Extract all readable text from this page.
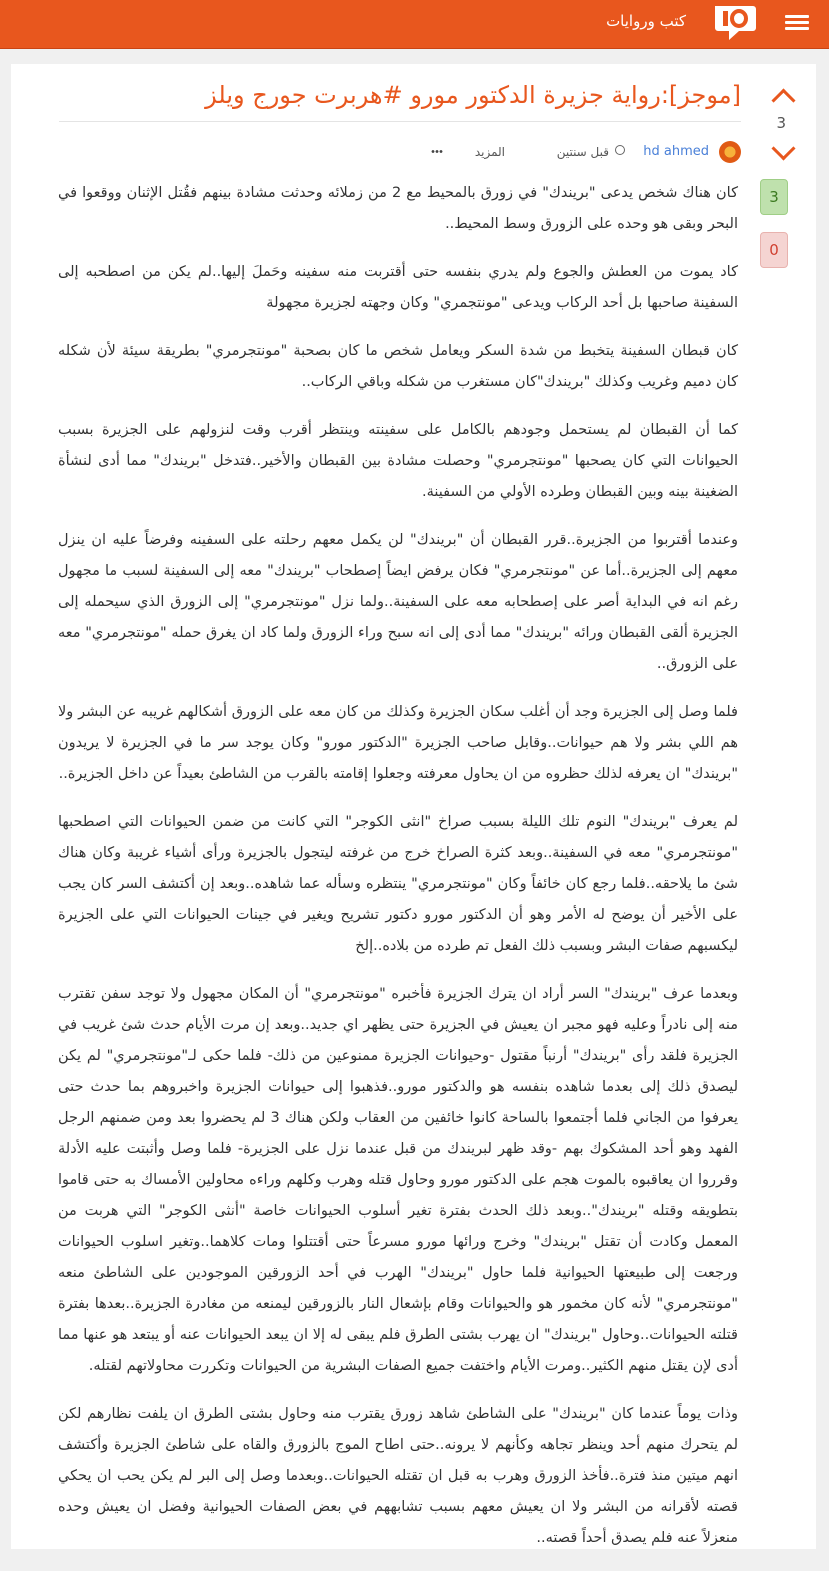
كتب وروايات
3
3
0
[موجز]:رواية جزيرة الدكتور مورو #هربرت جورج ويلز
hd ahmed
قبل سنتين
المزيد

كان هناك شخص يدعى "بريندك" في زورق بالمحيط مع 2 من زملائه وحدثت مشادة بينهم فقُتل الإثنان ووقعوا في البحر وبقى هو وحده على الزورق وسط المحيط..

كاد يموت من العطش والجوع ولم يدري بنفسه حتى أقتربت منه سفينه وحَملَ إليها..لم يكن من اصطحبه إلى السفينة صاحبها بل أحد الركاب ويدعى "مونتجمري" وكان وجهته لجزيرة مجهولة

كان قبطان السفينة يتخبط من شدة السكر ويعامل شخص ما كان بصحبة "مونتجرمري" بطريقة سيئة لأن شكله كان دميم وغريب وكذلك "بريندك"كان مستغرب من شكله وباقي الركاب..

كما أن القبطان لم يستحمل وجودهم بالكامل على سفينته وينتظر أقرب وقت لنزولهم على الجزيرة بسبب الحيوانات التي كان يصحبها "مونتجرمري" وحصلت مشادة بين القبطان والأخير..فتدخل "بريندك" مما أدى لنشأة الضغينة بينه وبين القبطان وطرده الأولي من السفينة.

وعندما أقتربوا من الجزيرة..قرر القبطان أن "بريندك" لن يكمل معهم رحلته على السفينه وفرضاً عليه ان ينزل معهم إلى الجزيرة..أما عن "مونتجرمري" فكان يرفض ايضاً إصطحاب "بريندك" معه إلى السفينة لسبب ما مجهول رغم انه في البداية أصر على إصطحابه معه على السفينة..ولما نزل "مونتجرمري" إلى الزورق الذي سيحمله إلى الجزيرة ألقى القبطان ورائه "بريندك" مما أدى إلى انه سبح وراء الزورق ولما كاد ان يغرق حمله "مونتجرمري" معه على الزورق..

فلما وصل إلى الجزيرة وجد أن أغلب سكان الجزيرة وكذلك من كان معه على الزورق أشكالهم غريبه عن البشر ولا هم اللي بشر ولا هم حيوانات..وقابل صاحب الجزيرة "الدكتور مورو" وكان يوجد سر ما في الجزيرة لا يريدون "بريندك" ان يعرفه لذلك حظروه من ان يحاول معرفته وجعلوا إقامته بالقرب من الشاطئ بعيداً عن داخل الجزيرة..

لم يعرف "بريندك" النوم تلك الليلة بسبب صراخ "انثى الكوجر" التي كانت من ضمن الحيوانات التي اصطحبها "مونتجرمري" معه في السفينة..وبعد كثرة الصراخ خرج من غرفته ليتجول بالجزيرة ورأى أشياء غريبة وكان هناك شئ ما يلاحقه..فلما رجع كان خائفاً وكان "مونتجرمري" ينتظره وسأله عما شاهده..وبعد إن أكتشف السر كان يجب على الأخير أن يوضح له الأمر وهو أن الدكتور مورو دكتور تشريح ويغير في جينات الحيوانات التي على الجزيرة ليكسبهم صفات البشر وبسبب ذلك الفعل تم طرده من بلاده..إلخ

وبعدما عرف "بريندك" السر أراد ان يترك الجزيرة فأخبره "مونتجرمري" أن المكان مجهول ولا توجد سفن تقترب منه إلى نادراً وعليه فهو مجبر ان يعيش في الجزيرة حتى يظهر اي جديد..وبعد إن مرت الأيام حدث شئ غريب في الجزيرة فلقد رأى "بريندك" أرنباً مقتول -وحيوانات الجزيرة ممنوعين من ذلك- فلما حكى لـ"مونتجرمري" لم يكن ليصدق ذلك إلى بعدما شاهده بنفسه هو والدكتور مورو..فذهبوا إلى حيوانات الجزيرة واخبروهم بما حدث حتى يعرفوا من الجاني فلما أجتمعوا بالساحة كانوا خائفين من العقاب ولكن هناك 3 لم يحضروا بعد ومن ضمنهم الرجل الفهد وهو أحد المشكوك بهم -وقد ظهر لبريندك من قبل عندما نزل على الجزيرة- فلما وصل وأثبتت عليه الأدلة وقرروا ان يعاقبوه بالموت هجم على الدكتور مورو وحاول قتله وهرب وكلهم وراءه محاولين الأمساك به حتى قاموا بتطويقه وقتله "بريندك"..وبعد ذلك الحدث بفترة تغير أسلوب الحيوانات خاصة "أنثى الكوجر" التي هربت من المعمل وكادت أن تقتل "بريندك" وخرج ورائها مورو مسرعاً حتى أقتتلوا ومات كلاهما..وتغير اسلوب الحيوانات ورجعت إلى طبيعتها الحيوانية فلما حاول "بريندك" الهرب في أحد الزورقين الموجودين على الشاطئ منعه "مونتجرمري" لأنه كان مخمور هو والحيوانات وقام بإشعال النار بالزورقين ليمنعه من مغادرة الجزيرة..بعدها بفترة قتلته الحيوانات..وحاول "بريندك" ان يهرب بشتى الطرق فلم يبقى له إلا ان يبعد الحيوانات عنه أو يبتعد هو عنها مما أدى لإن يقتل منهم الكثير..ومرت الأيام واختفت جميع الصفات البشرية من الحيوانات وتكررت محاولاتهم لقتله.

وذات يوماً عندما كان "بريندك" على الشاطئ شاهد زورق يقترب منه وحاول بشتى الطرق ان يلفت نظارهم لكن لم يتحرك منهم أحد وينظر تجاهه وكأنهم لا يرونه..حتى اطاح الموج بالزورق والقاه على شاطئ الجزيرة وأكتشف انهم ميتين منذ فترة..فأخذ الزورق وهرب به قبل ان تقتله الحيوانات..وبعدما وصل إلى البر لم يكن يحب ان يحكي قصته لأقرانه من البشر ولا ان يعيش معهم بسبب تشابههم في بعض الصفات الحيوانية وفضل ان يعيش وحده منعزلاً عنه فلم يصدق أحداً قصته..
